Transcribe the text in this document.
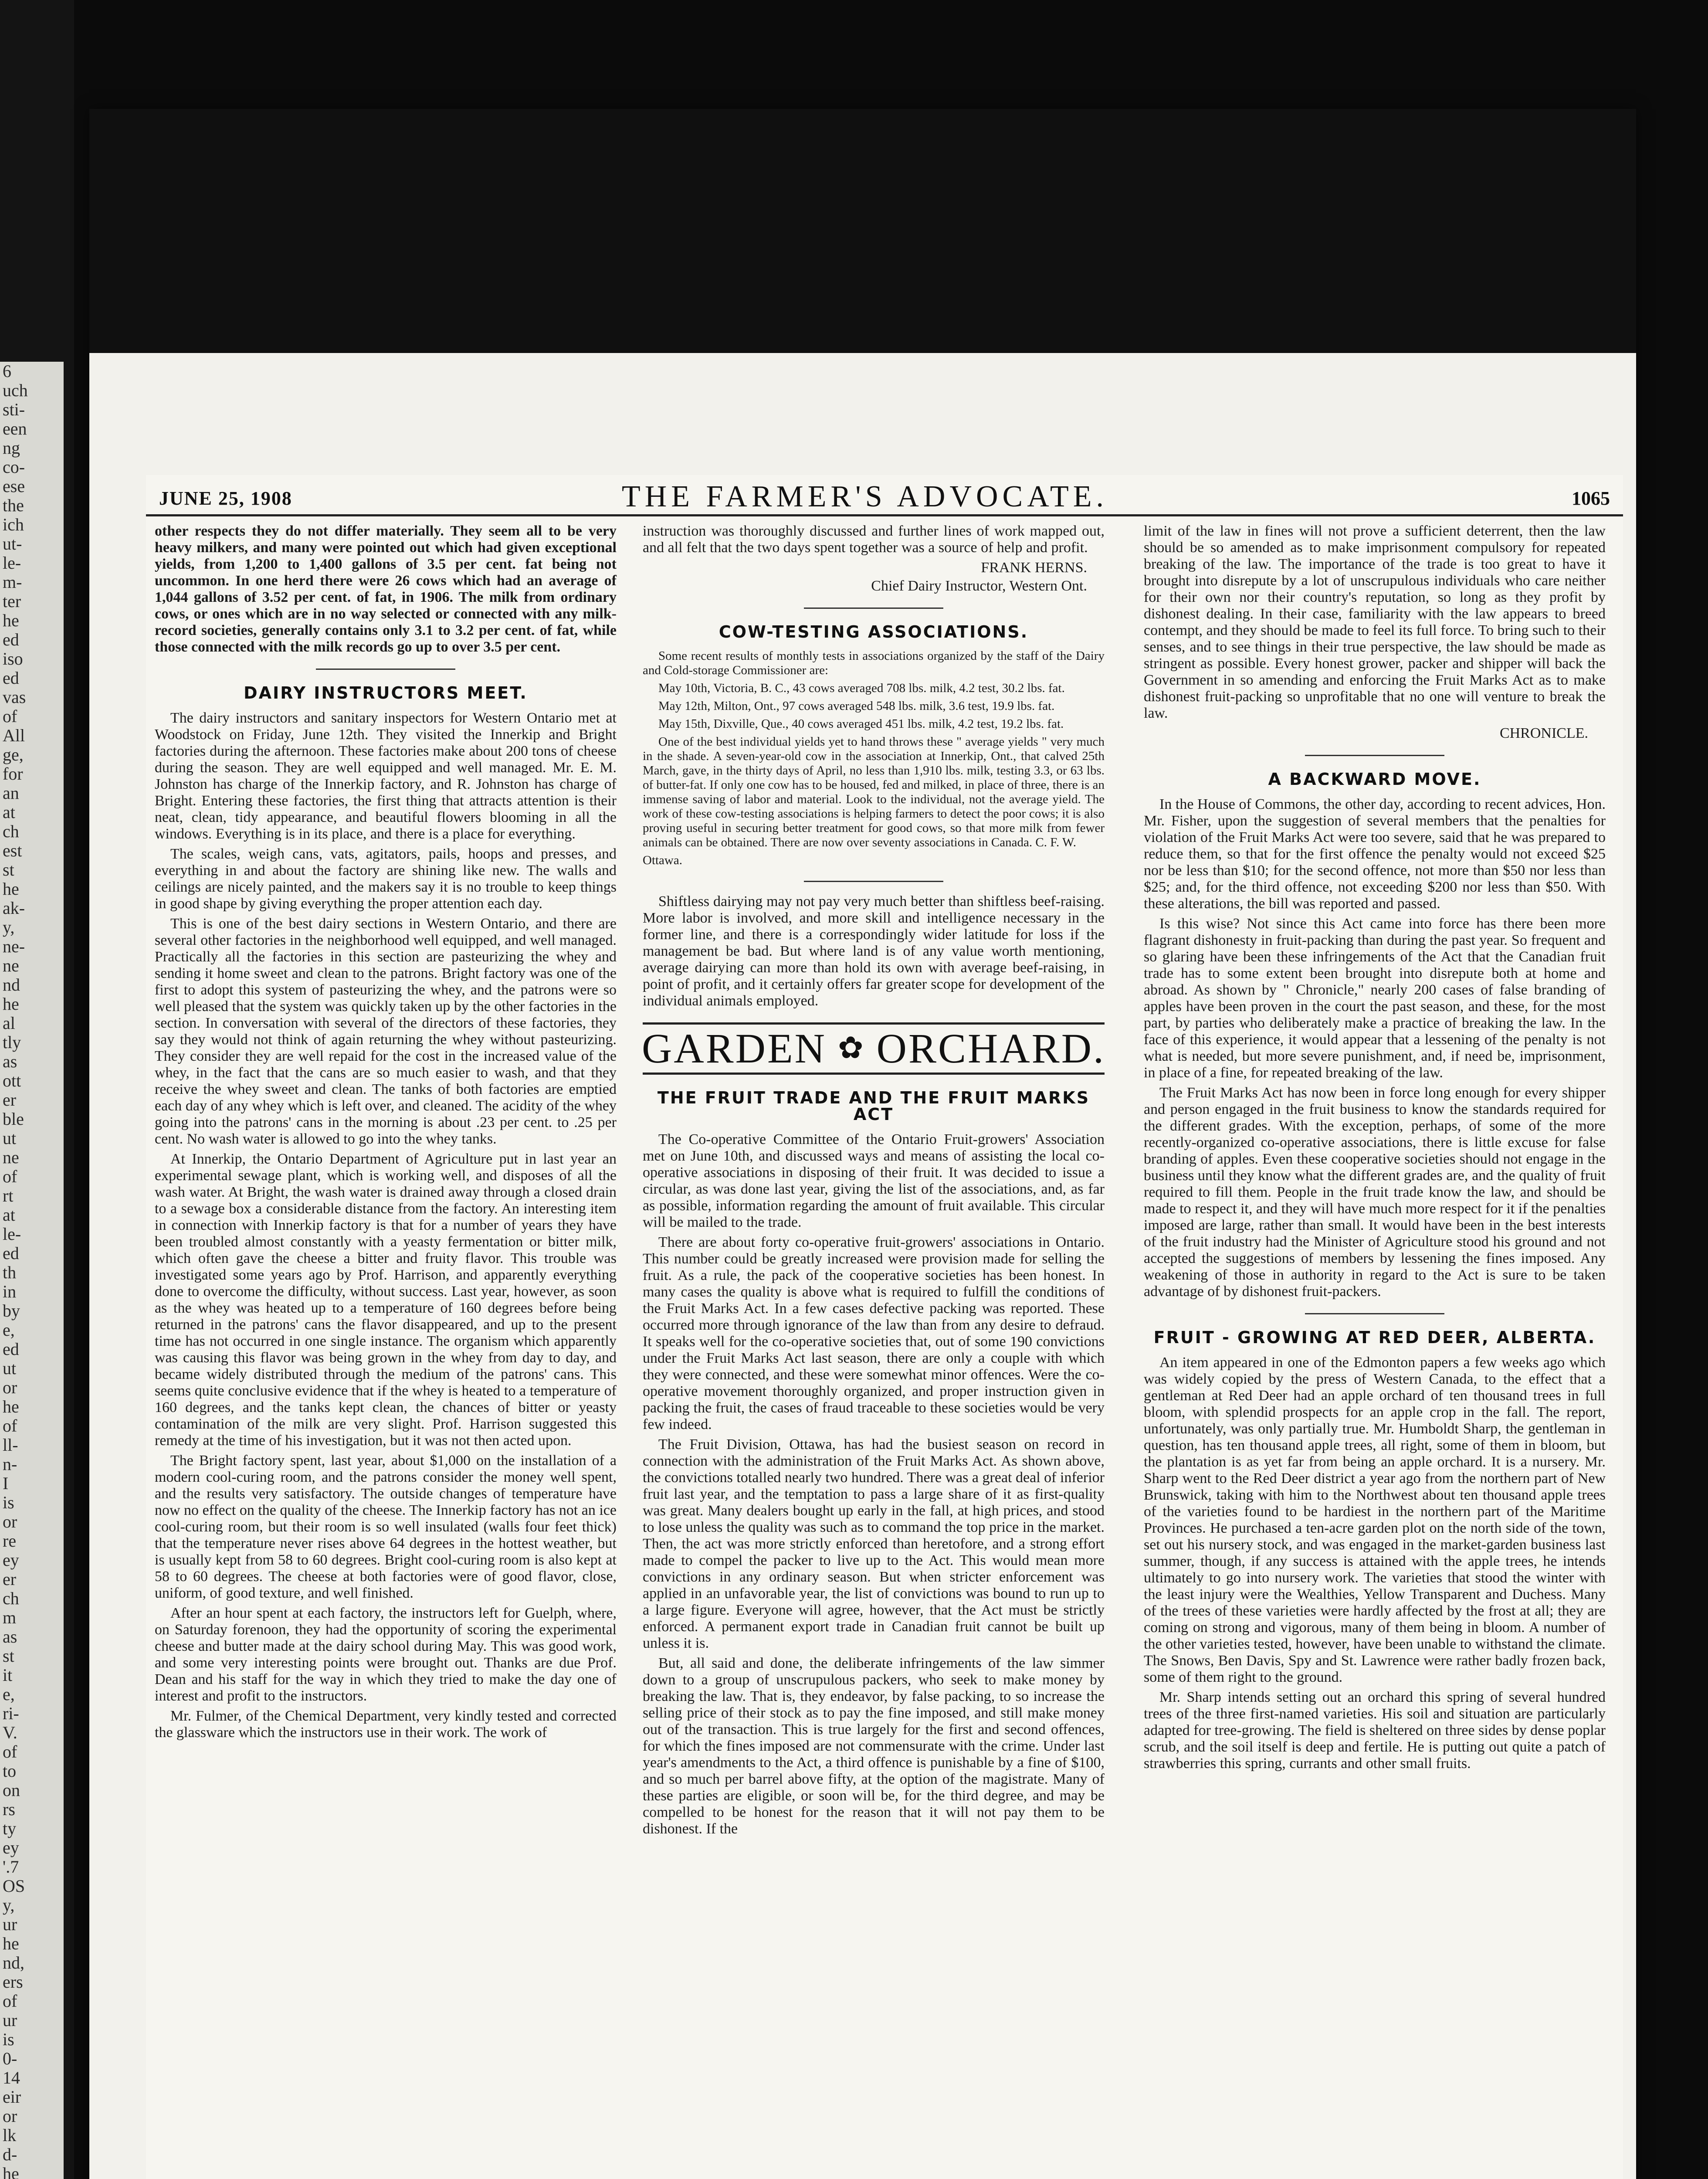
6
uch
sti-
een
ng
co-
ese
the
ich
ut-
le-
m-
ter
he
ed
iso
ed
vas
of
All
ge,
for
an
at
ch
est
st
he
ak-
y,
ne-
ne
nd
he
al
tly
as
ott
er
ble
ut
ne
of
rt
at
le-
ed
th
in
by
e,
ed
ut
or
he
of
ll-
n-
I
is
or
re
ey
er
ch
m
as
st
it
e,
ri-
V.
of
to
on
rs
ty
ey
'.7
OS
y,
ur
he
nd,
ers
of
ur
is
0-
14
eir
or
lk
d-
he
JUNE 25, 1908	THE FARMER'S ADVOCATE.	1065

other respects they do not differ materially. They seem all to be very heavy milkers, and many were pointed out which had given exceptional yields, from 1,200 to 1,400 gallons of 3.5 per cent. fat being not uncommon. In one herd there were 26 cows which had an average of 1,044 gallons of 3.52 per cent. of fat, in 1906. The milk from ordinary cows, or ones which are in no way selected or connected with any milk-record societies, generally contains only 3.1 to 3.2 per cent. of fat, while those connected with the milk records go up to over 3.5 per cent.

DAIRY INSTRUCTORS MEET.

The dairy instructors and sanitary inspectors for Western Ontario met at Woodstock on Friday, June 12th. They visited the Innerkip and Bright factories during the afternoon. These factories make about 200 tons of cheese during the season. They are well equipped and well managed. Mr. E. M. Johnston has charge of the Innerkip factory, and R. Johnston has charge of Bright. Entering these factories, the first thing that attracts attention is their neat, clean, tidy appearance, and beautiful flowers blooming in all the windows. Everything is in its place, and there is a place for everything.

The scales, weigh cans, vats, agitators, pails, hoops and presses, and everything in and about the factory are shining like new. The walls and ceilings are nicely painted, and the makers say it is no trouble to keep things in good shape by giving everything the proper attention each day.

This is one of the best dairy sections in Western Ontario, and there are several other factories in the neighborhood well equipped, and well managed. Practically all the factories in this section are pasteurizing the whey and sending it home sweet and clean to the patrons. Bright factory was one of the first to adopt this system of pasteurizing the whey, and the patrons were so well pleased that the system was quickly taken up by the other factories in the section. In conversation with several of the directors of these factories, they say they would not think of again returning the whey without pasteurizing. They consider they are well repaid for the cost in the increased value of the whey, in the fact that the cans are so much easier to wash, and that they receive the whey sweet and clean. The tanks of both factories are emptied each day of any whey which is left over, and cleaned. The acidity of the whey going into the patrons' cans in the morning is about .23 per cent. to .25 per cent. No wash water is allowed to go into the whey tanks.

At Innerkip, the Ontario Department of Agriculture put in last year an experimental sewage plant, which is working well, and disposes of all the wash water. At Bright, the wash water is drained away through a closed drain to a sewage box a considerable distance from the factory. An interesting item in connection with Innerkip factory is that for a number of years they have been troubled almost constantly with a yeasty fermentation or bitter milk, which often gave the cheese a bitter and fruity flavor. This trouble was investigated some years ago by Prof. Harrison, and apparently everything done to overcome the difficulty, without success. Last year, however, as soon as the whey was heated up to a temperature of 160 degrees before being returned in the patrons' cans the flavor disappeared, and up to the present time has not occurred in one single instance. The organism which apparently was causing this flavor was being grown in the whey from day to day, and became widely distributed through the medium of the patrons' cans. This seems quite conclusive evidence that if the whey is heated to a temperature of 160 degrees, and the tanks kept clean, the chances of bitter or yeasty contamination of the milk are very slight. Prof. Harrison suggested this remedy at the time of his investigation, but it was not then acted upon.

The Bright factory spent, last year, about $1,000 on the installation of a modern cool-curing room, and the patrons consider the money well spent, and the results very satisfactory. The outside changes of temperature have now no effect on the quality of the cheese. The Innerkip factory has not an ice cool-curing room, but their room is so well insulated (walls four feet thick) that the temperature never rises above 64 degrees in the hottest weather, but is usually kept from 58 to 60 degrees. Bright cool-curing room is also kept at 58 to 60 degrees. The cheese at both factories were of good flavor, close, uniform, of good texture, and well finished.

After an hour spent at each factory, the instructors left for Guelph, where, on Saturday forenoon, they had the opportunity of scoring the experimental cheese and butter made at the dairy school during May. This was good work, and some very interesting points were brought out. Thanks are due Prof. Dean and his staff for the way in which they tried to make the day one of interest and profit to the instructors.

Mr. Fulmer, of the Chemical Department, very kindly tested and corrected the glassware which the instructors use in their work. The work of

instruction was thoroughly discussed and further lines of work mapped out, and all felt that the two days spent together was a source of help and profit.

FRANK HERNS.
Chief Dairy Instructor, Western Ont.
COW-TESTING ASSOCIATIONS.

Some recent results of monthly tests in associations organized by the staff of the Dairy and Cold-storage Commissioner are:

May 10th, Victoria, B. C., 43 cows averaged 708 lbs. milk, 4.2 test, 30.2 lbs. fat.

May 12th, Milton, Ont., 97 cows averaged 548 lbs. milk, 3.6 test, 19.9 lbs. fat.

May 15th, Dixville, Que., 40 cows averaged 451 lbs. milk, 4.2 test, 19.2 lbs. fat.

One of the best individual yields yet to hand throws these " average yields " very much in the shade. A seven-year-old cow in the association at Innerkip, Ont., that calved 25th March, gave, in the thirty days of April, no less than 1,910 lbs. milk, testing 3.3, or 63 lbs. of butter-fat. If only one cow has to be housed, fed and milked, in place of three, there is an immense saving of labor and material. Look to the individual, not the average yield. The work of these cow-testing associations is helping farmers to detect the poor cows; it is also proving useful in securing better treatment for good cows, so that more milk from fewer animals can be obtained. There are now over seventy associations in Canada. C. F. W.

Ottawa.

Shiftless dairying may not pay very much better than shiftless beef-raising. More labor is involved, and more skill and intelligence necessary in the former line, and there is a correspondingly wider latitude for loss if the management be bad. But where land is of any value worth mentioning, average dairying can more than hold its own with average beef-raising, in point of profit, and it certainly offers far greater scope for development of the individual animals employed.

GARDEN ✿ ORCHARD.
THE FRUIT TRADE AND THE FRUIT MARKS ACT

The Co-operative Committee of the Ontario Fruit-growers' Association met on June 10th, and discussed ways and means of assisting the local co-operative associations in disposing of their fruit. It was decided to issue a circular, as was done last year, giving the list of the associations, and, as far as possible, information regarding the amount of fruit available. This circular will be mailed to the trade.

There are about forty co-operative fruit-growers' associations in Ontario. This number could be greatly increased were provision made for selling the fruit. As a rule, the pack of the cooperative societies has been honest. In many cases the quality is above what is required to fulfill the conditions of the Fruit Marks Act. In a few cases defective packing was reported. These occurred more through ignorance of the law than from any desire to defraud. It speaks well for the co-operative societies that, out of some 190 convictions under the Fruit Marks Act last season, there are only a couple with which they were connected, and these were somewhat minor offences. Were the co-operative movement thoroughly organized, and proper instruction given in packing the fruit, the cases of fraud traceable to these societies would be very few indeed.

The Fruit Division, Ottawa, has had the busiest season on record in connection with the administration of the Fruit Marks Act. As shown above, the convictions totalled nearly two hundred. There was a great deal of inferior fruit last year, and the temptation to pass a large share of it as first-quality was great. Many dealers bought up early in the fall, at high prices, and stood to lose unless the quality was such as to command the top price in the market. Then, the act was more strictly enforced than heretofore, and a strong effort made to compel the packer to live up to the Act. This would mean more convictions in any ordinary season. But when stricter enforcement was applied in an unfavorable year, the list of convictions was bound to run up to a large figure. Everyone will agree, however, that the Act must be strictly enforced. A permanent export trade in Canadian fruit cannot be built up unless it is.

But, all said and done, the deliberate infringements of the law simmer down to a group of unscrupulous packers, who seek to make money by breaking the law. That is, they endeavor, by false packing, to so increase the selling price of their stock as to pay the fine imposed, and still make money out of the transaction. This is true largely for the first and second offences, for which the fines imposed are not commensurate with the crime. Under last year's amendments to the Act, a third offence is punishable by a fine of $100, and so much per barrel above fifty, at the option of the magistrate. Many of these parties are eligible, or soon will be, for the third degree, and may be compelled to be honest for the reason that it will not pay them to be dishonest. If the

limit of the law in fines will not prove a sufficient deterrent, then the law should be so amended as to make imprisonment compulsory for repeated breaking of the law. The importance of the trade is too great to have it brought into disrepute by a lot of unscrupulous individuals who care neither for their own nor their country's reputation, so long as they profit by dishonest dealing. In their case, familiarity with the law appears to breed contempt, and they should be made to feel its full force. To bring such to their senses, and to see things in their true perspective, the law should be made as stringent as possible. Every honest grower, packer and shipper will back the Government in so amending and enforcing the Fruit Marks Act as to make dishonest fruit-packing so unprofitable that no one will venture to break the law.

CHRONICLE.
A BACKWARD MOVE.

In the House of Commons, the other day, according to recent advices, Hon. Mr. Fisher, upon the suggestion of several members that the penalties for violation of the Fruit Marks Act were too severe, said that he was prepared to reduce them, so that for the first offence the penalty would not exceed $25 nor be less than $10; for the second offence, not more than $50 nor less than $25; and, for the third offence, not exceeding $200 nor less than $50. With these alterations, the bill was reported and passed.

Is this wise? Not since this Act came into force has there been more flagrant dishonesty in fruit-packing than during the past year. So frequent and so glaring have been these infringements of the Act that the Canadian fruit trade has to some extent been brought into disrepute both at home and abroad. As shown by " Chronicle," nearly 200 cases of false branding of apples have been proven in the court the past season, and these, for the most part, by parties who deliberately make a practice of breaking the law. In the face of this experience, it would appear that a lessening of the penalty is not what is needed, but more severe punishment, and, if need be, imprisonment, in place of a fine, for repeated breaking of the law.

The Fruit Marks Act has now been in force long enough for every shipper and person engaged in the fruit business to know the standards required for the different grades. With the exception, perhaps, of some of the more recently-organized co-operative associations, there is little excuse for false branding of apples. Even these cooperative societies should not engage in the business until they know what the different grades are, and the quality of fruit required to fill them. People in the fruit trade know the law, and should be made to respect it, and they will have much more respect for it if the penalties imposed are large, rather than small. It would have been in the best interests of the fruit industry had the Minister of Agriculture stood his ground and not accepted the suggestions of members by lessening the fines imposed. Any weakening of those in authority in regard to the Act is sure to be taken advantage of by dishonest fruit-packers.

FRUIT - GROWING AT RED DEER, ALBERTA.

An item appeared in one of the Edmonton papers a few weeks ago which was widely copied by the press of Western Canada, to the effect that a gentleman at Red Deer had an apple orchard of ten thousand trees in full bloom, with splendid prospects for an apple crop in the fall. The report, unfortunately, was only partially true. Mr. Humboldt Sharp, the gentleman in question, has ten thousand apple trees, all right, some of them in bloom, but the plantation is as yet far from being an apple orchard. It is a nursery. Mr. Sharp went to the Red Deer district a year ago from the northern part of New Brunswick, taking with him to the Northwest about ten thousand apple trees of the varieties found to be hardiest in the northern part of the Maritime Provinces. He purchased a ten-acre garden plot on the north side of the town, set out his nursery stock, and was engaged in the market-garden business last summer, though, if any success is attained with the apple trees, he intends ultimately to go into nursery work. The varieties that stood the winter with the least injury were the Wealthies, Yellow Transparent and Duchess. Many of the trees of these varieties were hardly affected by the frost at all; they are coming on strong and vigorous, many of them being in bloom. A number of the other varieties tested, however, have been unable to withstand the climate. The Snows, Ben Davis, Spy and St. Lawrence were rather badly frozen back, some of them right to the ground.

Mr. Sharp intends setting out an orchard this spring of several hundred trees of the three first-named varieties. His soil and situation are particularly adapted for tree-growing. The field is sheltered on three sides by dense poplar scrub, and the soil itself is deep and fertile. He is putting out quite a patch of strawberries this spring, currants and other small fruits.
